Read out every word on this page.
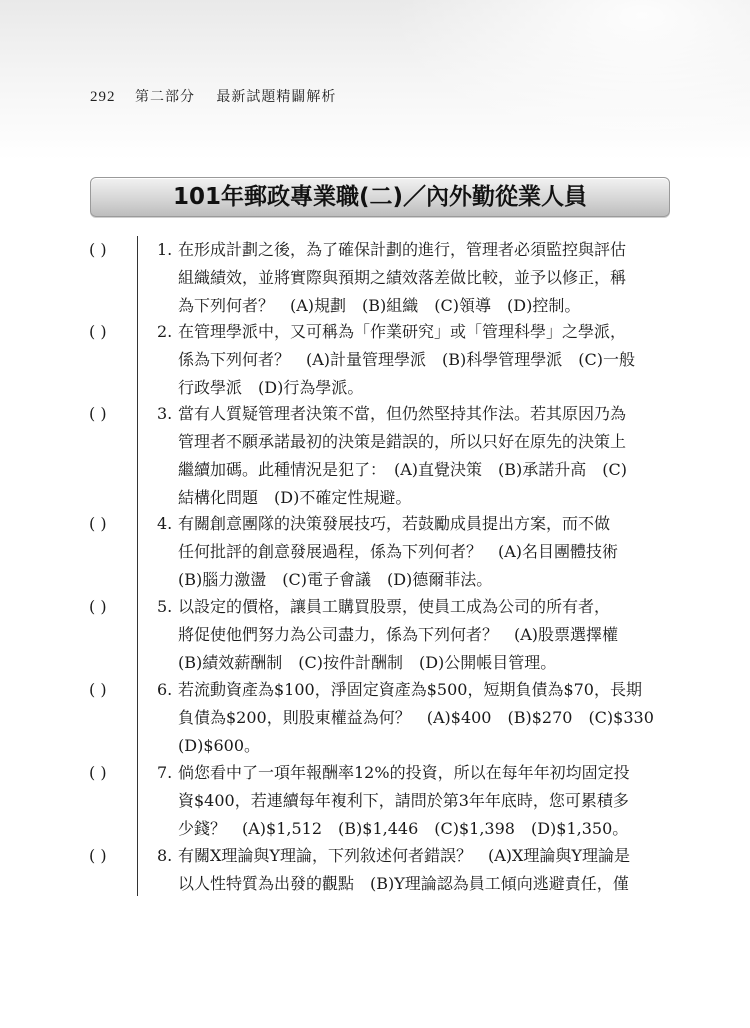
292 第二部分 最新試題精闢解析
101年郵政專業職(二)／內外勤從業人員
( )	1. 在形成計劃之後，為了確保計劃的進行，管理者必須監控與評估
組織績效，並將實際與預期之績效落差做比較，並予以修正，稱
為下列何者？　(A)規劃　(B)組織　(C)領導　(D)控制。
( )	2. 在管理學派中，又可稱為「作業研究」或「管理科學」之學派，
係為下列何者？　(A)計量管理學派　(B)科學管理學派　(C)一般
行政學派　(D)行為學派。
( )	3. 當有人質疑管理者決策不當，但仍然堅持其作法。若其原因乃為
管理者不願承諾最初的決策是錯誤的，所以只好在原先的決策上
繼續加碼。此種情況是犯了：　(A)直覺決策　(B)承諾升高　(C)
結構化問題　(D)不確定性規避。
( )	4. 有關創意團隊的決策發展技巧，若鼓勵成員提出方案，而不做
任何批評的創意發展過程，係為下列何者？　(A)名目團體技術
(B)腦力激盪　(C)電子會議　(D)德爾菲法。
( )	5. 以設定的價格，讓員工購買股票，使員工成為公司的所有者，
將促使他們努力為公司盡力，係為下列何者？　(A)股票選擇權
(B)績效薪酬制　(C)按件計酬制　(D)公開帳目管理。
( )	6. 若流動資產為$100，淨固定資產為$500，短期負債為$70，長期
負債為$200，則股東權益為何？　(A)$400　(B)$270　(C)$330
(D)$600。
( )	7. 倘您看中了一項年報酬率12%的投資，所以在每年年初均固定投
資$400，若連續每年複利下，請問於第3年年底時，您可累積多
少錢？　(A)$1,512　(B)$1,446　(C)$1,398　(D)$1,350。
( )	8. 有關X理論與Y理論，下列敘述何者錯誤？　(A)X理論與Y理論是
以人性特質為出發的觀點　(B)Y理論認為員工傾向逃避責任，僅
